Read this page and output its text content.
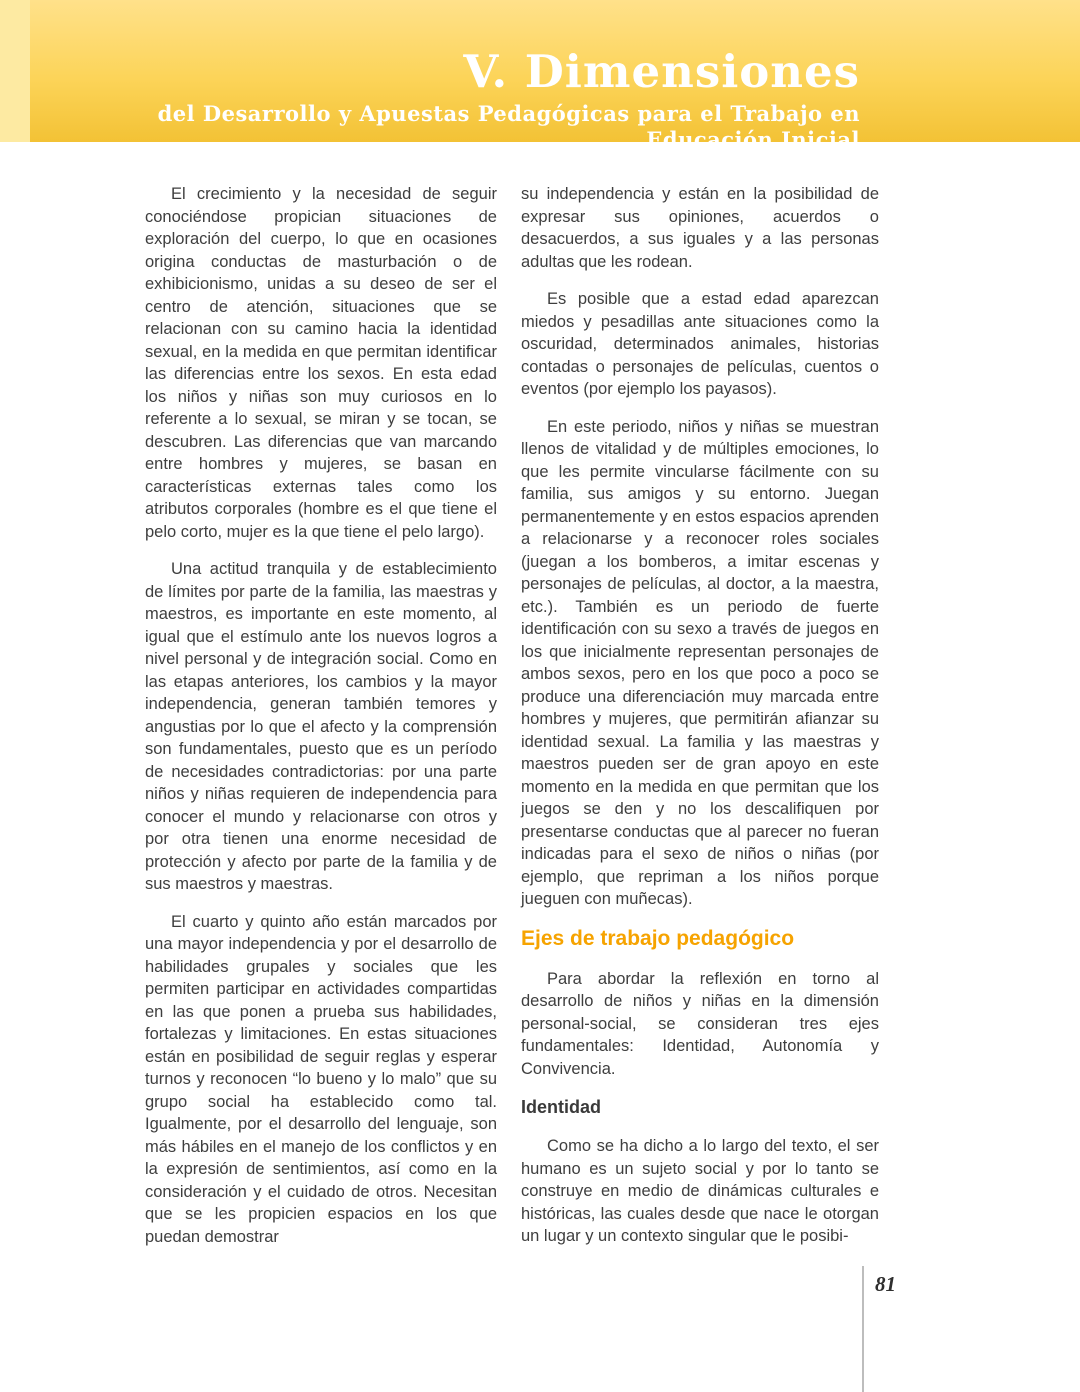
V. Dimensiones
del Desarrollo y Apuestas Pedagógicas para el Trabajo en Educación Inicial

El crecimiento y la necesidad de seguir conociéndose propician situaciones de exploración del cuerpo, lo que en ocasiones origina conductas de masturbación o de exhibicionismo, unidas a su deseo de ser el centro de atención, situaciones que se relacionan con su camino hacia la identidad sexual, en la medida en que permitan identificar las diferencias entre los sexos. En esta edad los niños y niñas son muy curiosos en lo referente a lo sexual, se miran y se tocan, se descubren. Las diferencias que van marcando entre hombres y mujeres, se basan en características externas tales como los atributos corporales (hombre es el que tiene el pelo corto, mujer es la que tiene el pelo largo).

Una actitud tranquila y de establecimiento de límites por parte de la familia, las maestras y maestros, es importante en este momento, al igual que el estímulo ante los nuevos logros a nivel personal y de integración social. Como en las etapas anteriores, los cambios y la mayor independencia, generan también temores y angustias por lo que el afecto y la comprensión son fundamentales, puesto que es un período de necesidades contradictorias: por una parte niños y niñas requieren de independencia para conocer el mundo y relacionarse con otros y por otra tienen una enorme necesidad de protección y afecto por parte de la familia y de sus maestros y maestras.

El cuarto y quinto año están marcados por una mayor independencia y por el desarrollo de habilidades grupales y sociales que les permiten participar en actividades compartidas en las que ponen a prueba sus habilidades, fortalezas y limitaciones. En estas situaciones están en posibilidad de seguir reglas y esperar turnos y reconocen “lo bueno y lo malo” que su grupo social ha establecido como tal. Igualmente, por el desarrollo del lenguaje, son más hábiles en el manejo de los conflictos y en la expresión de sentimientos, así como en la consideración y el cuidado de otros. Necesitan que se les propicien espacios en los que puedan demostrar

su independencia y están en la posibilidad de expresar sus opiniones, acuerdos o desacuerdos, a sus iguales y a las personas adultas que les rodean.

Es posible que a estad edad aparezcan miedos y pesadillas ante situaciones como la oscuridad, determinados animales, historias contadas o personajes de películas, cuentos o eventos (por ejemplo los payasos).

En este periodo, niños y niñas se muestran llenos de vitalidad y de múltiples emociones, lo que les permite vincularse fácilmente con su familia, sus amigos y su entorno. Juegan permanentemente y en estos espacios aprenden a relacionarse y a reconocer roles sociales (juegan a los bomberos, a imitar escenas y personajes de películas, al doctor, a la maestra, etc.). También es un periodo de fuerte identificación con su sexo a través de juegos en los que inicialmente representan personajes de ambos sexos, pero en los que poco a poco se produce una diferenciación muy marcada entre hombres y mujeres, que permitirán afianzar su identidad sexual. La familia y las maestras y maestros pueden ser de gran apoyo en este momento en la medida en que permitan que los juegos se den y no los descalifiquen por presentarse conductas que al parecer no fueran indicadas para el sexo de niños o niñas (por ejemplo, que repriman a los niños porque jueguen con muñecas).

Ejes de trabajo pedagógico

Para abordar la reflexión en torno al desarrollo de niños y niñas en la dimensión personal-social, se consideran tres ejes fundamentales: Identidad, Autonomía y Convivencia.

Identidad

Como se ha dicho a lo largo del texto, el ser humano es un sujeto social y por lo tanto se construye en medio de dinámicas culturales e históricas, las cuales desde que nace le otorgan un lugar y un contexto singular que le posibi-

81
